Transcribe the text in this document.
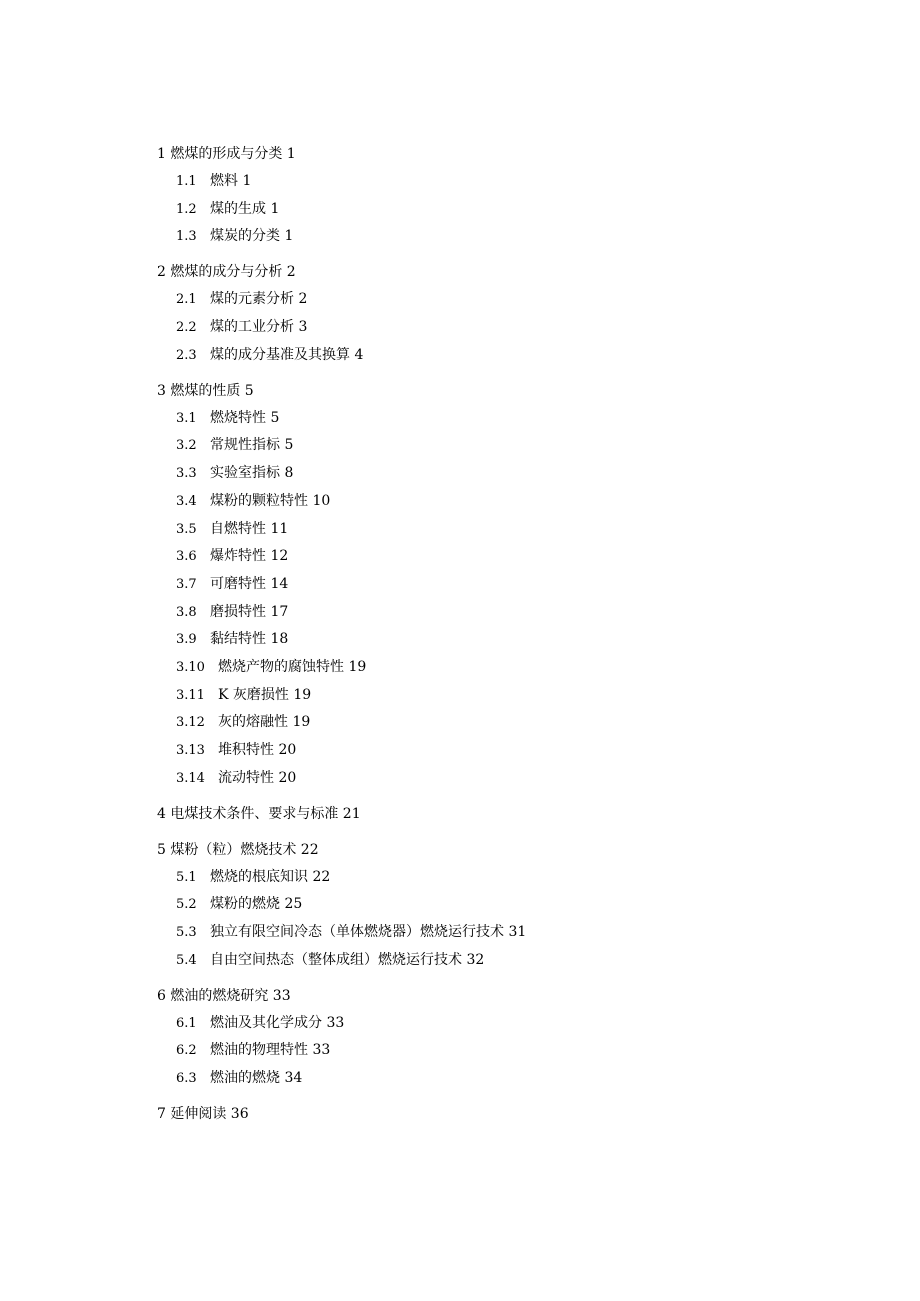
1 燃煤的形成与分类 1
1.1 燃料 1
1.2 煤的生成 1
1.3 煤炭的分类 1
2 燃煤的成分与分析 2
2.1 煤的元素分析 2
2.2 煤的工业分析 3
2.3 煤的成分基准及其换算 4
3 燃煤的性质 5
3.1 燃烧特性 5
3.2 常规性指标 5
3.3 实验室指标 8
3.4 煤粉的颗粒特性 10
3.5 自燃特性 11
3.6 爆炸特性 12
3.7 可磨特性 14
3.8 磨损特性 17
3.9 黏结特性 18
3.10 燃烧产物的腐蚀特性 19
3.11 K 灰磨损性 19
3.12 灰的熔融性 19
3.13 堆积特性 20
3.14 流动特性 20
4 电煤技术条件、要求与标准 21
5 煤粉（粒）燃烧技术 22
5.1 燃烧的根底知识 22
5.2 煤粉的燃烧 25
5.3 独立有限空间冷态（单体燃烧器）燃烧运行技术 31
5.4 自由空间热态（整体成组）燃烧运行技术 32
6 燃油的燃烧研究 33
6.1 燃油及其化学成分 33
6.2 燃油的物理特性 33
6.3 燃油的燃烧 34
7 延伸阅读 36
